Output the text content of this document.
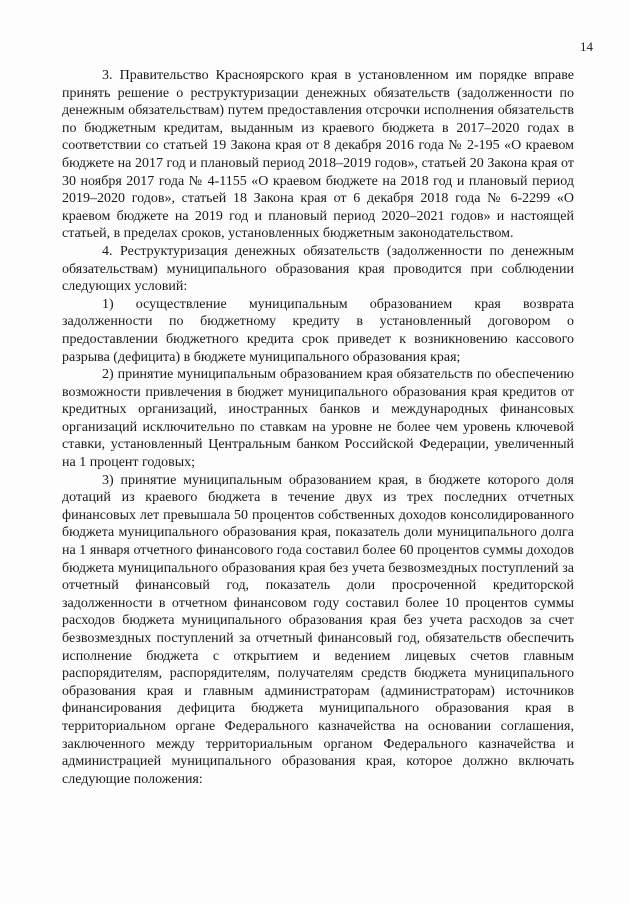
14

3. Правительство Красноярского края в установленном им порядке вправе принять решение о реструктуризации денежных обязательств (задолженности по денежным обязательствам) путем предоставления отсрочки исполнения обязательств по бюджетным кредитам, выданным из краевого бюджета в 2017–2020 годах в соответствии со статьей 19 Закона края от 8 декабря 2016 года № 2-195 «О краевом бюджете на 2017 год и плановый период 2018–2019 годов», статьей 20 Закона края от 30 ноября 2017 года № 4-1155 «О краевом бюджете на 2018 год и плановый период 2019–2020 годов», статьей 18 Закона края от 6 декабря 2018 года № 6-2299 «О краевом бюджете на 2019 год и плановый период 2020–2021 годов» и настоящей статьей, в пределах сроков, установленных бюджетным законодательством.

4. Реструктуризация денежных обязательств (задолженности по денежным обязательствам) муниципального образования края проводится при соблюдении следующих условий:

1) осуществление муниципальным образованием края возврата задолженности по бюджетному кредиту в установленный договором о предоставлении бюджетного кредита срок приведет к возникновению кассового разрыва (дефицита) в бюджете муниципального образования края;

2) принятие муниципальным образованием края обязательств по обеспечению возможности привлечения в бюджет муниципального образования края кредитов от кредитных организаций, иностранных банков и международных финансовых организаций исключительно по ставкам на уровне не более чем уровень ключевой ставки, установленный Центральным банком Российской Федерации, увеличенный на 1 процент годовых;

3) принятие муниципальным образованием края, в бюджете которого доля дотаций из краевого бюджета в течение двух из трех последних отчетных финансовых лет превышала 50 процентов собственных доходов консолидированного бюджета муниципального образования края, показатель доли муниципального долга на 1 января отчетного финансового года составил более 60 процентов суммы доходов бюджета муниципального образования края без учета безвозмездных поступлений за отчетный финансовый год, показатель доли просроченной кредиторской задолженности в отчетном финансовом году составил более 10 процентов суммы расходов бюджета муниципального образования края без учета расходов за счет безвозмездных поступлений за отчетный финансовый год, обязательств обеспечить исполнение бюджета с открытием и ведением лицевых счетов главным распорядителям, распорядителям, получателям средств бюджета муниципального образования края и главным администраторам (администраторам) источников финансирования дефицита бюджета муниципального образования края в территориальном органе Федерального казначейства на основании соглашения, заключенного между территориальным органом Федерального казначейства и администрацией муниципального образования края, которое должно включать следующие положения:
